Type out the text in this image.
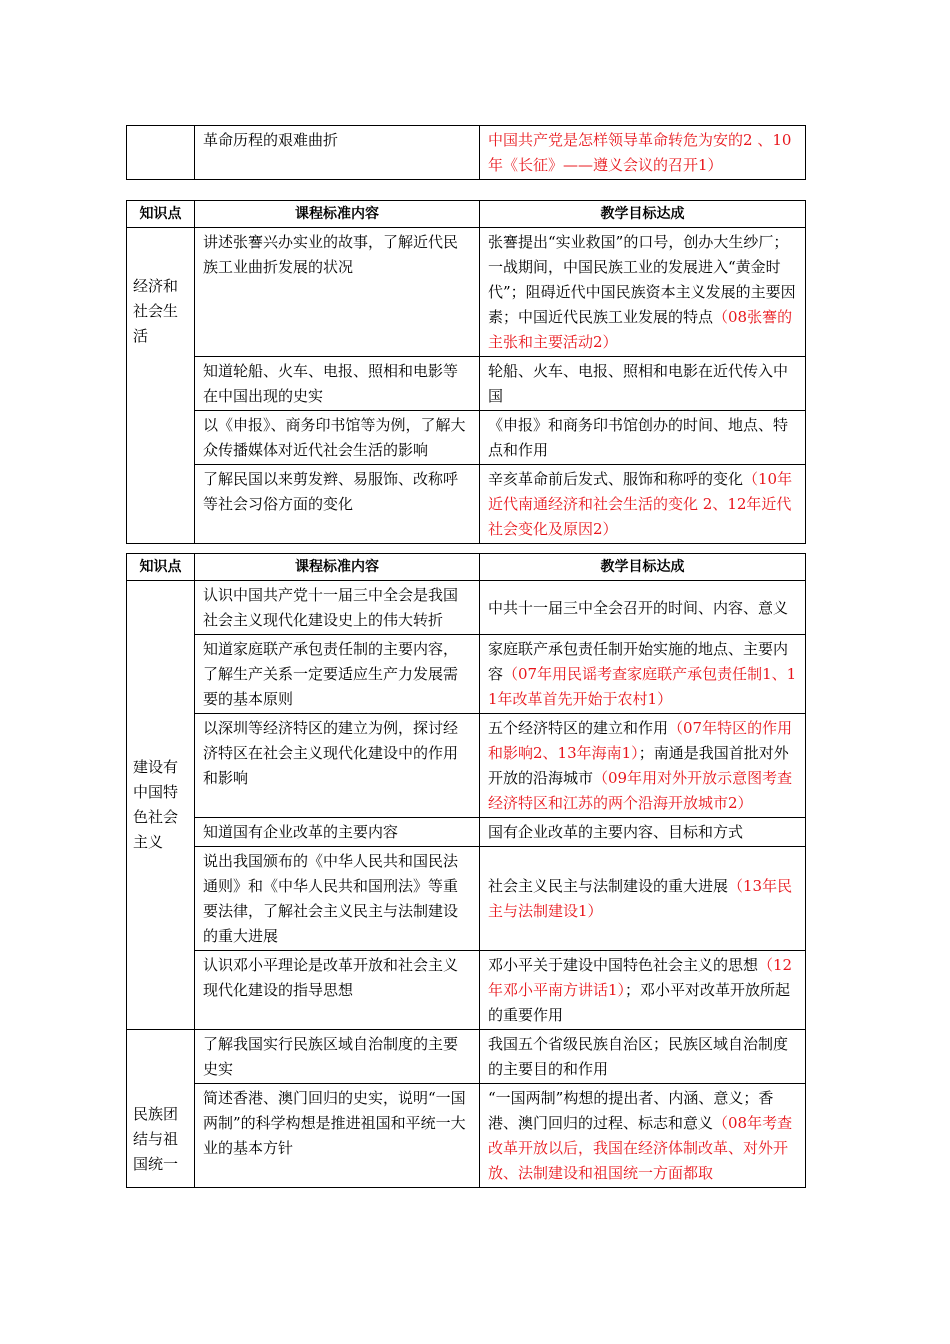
	革命历程的艰难曲折	中国共产党是怎样领导革命转危为安的2 、10年《长征》——遵义会议的召开1）
知识点	课程标准内容	教学目标达成
经济和社会生活	讲述张謇兴办实业的故事，了解近代民族工业曲折发展的状况	张謇提出“实业救国”的口号，创办大生纱厂；一战期间，中国民族工业的发展进入“黄金时代”；阻碍近代中国民族资本主义发展的主要因素；中国近代民族工业发展的特点（08张謇的主张和主要活动2）
	知道轮船、火车、电报、照相和电影等在中国出现的史实	轮船、火车、电报、照相和电影在近代传入中国
	以《申报》、商务印书馆等为例，了解大众传播媒体对近代社会生活的影响	《申报》和商务印书馆创办的时间、地点、特点和作用
	了解民国以来剪发辫、易服饰、改称呼等社会习俗方面的变化	辛亥革命前后发式、服饰和称呼的变化（10年近代南通经济和社会生活的变化 2、12年近代社会变化及原因2）
知识点	课程标准内容	教学目标达成
建设有中国特色社会主义	认识中国共产党十一届三中全会是我国社会主义现代化建设史上的伟大转折	中共十一届三中全会召开的时间、内容、意义
	知道家庭联产承包责任制的主要内容，了解生产关系一定要适应生产力发展需要的基本原则	家庭联产承包责任制开始实施的地点、主要内容（07年用民谣考查家庭联产承包责任制1、11年改革首先开始于农村1）
	以深圳等经济特区的建立为例，探讨经济特区在社会主义现代化建设中的作用和影响	五个经济特区的建立和作用（07年特区的作用和影响2、13年海南1）；南通是我国首批对外开放的沿海城市（09年用对外开放示意图考查经济特区和江苏的两个沿海开放城市2）
	知道国有企业改革的主要内容	国有企业改革的主要内容、目标和方式
	说出我国颁布的《中华人民共和国民法通则》和《中华人民共和国刑法》等重要法律，了解社会主义民主与法制建设的重大进展	社会主义民主与法制建设的重大进展（13年民主与法制建设1）
	认识邓小平理论是改革开放和社会主义现代化建设的指导思想	邓小平关于建设中国特色社会主义的思想（12年邓小平南方讲话1）；邓小平对改革开放所起的重要作用
民族团结与祖国统一	了解我国实行民族区域自治制度的主要史实	我国五个省级民族自治区；民族区域自治制度的主要目的和作用
	简述香港、澳门回归的史实，说明“一国两制”的科学构想是推进祖国和平统一大业的基本方针	“一国两制”构想的提出者、内涵、意义；香港、澳门回归的过程、标志和意义（08年考查改革开放以后，我国在经济体制改革、对外开放、法制建设和祖国统一方面都取
